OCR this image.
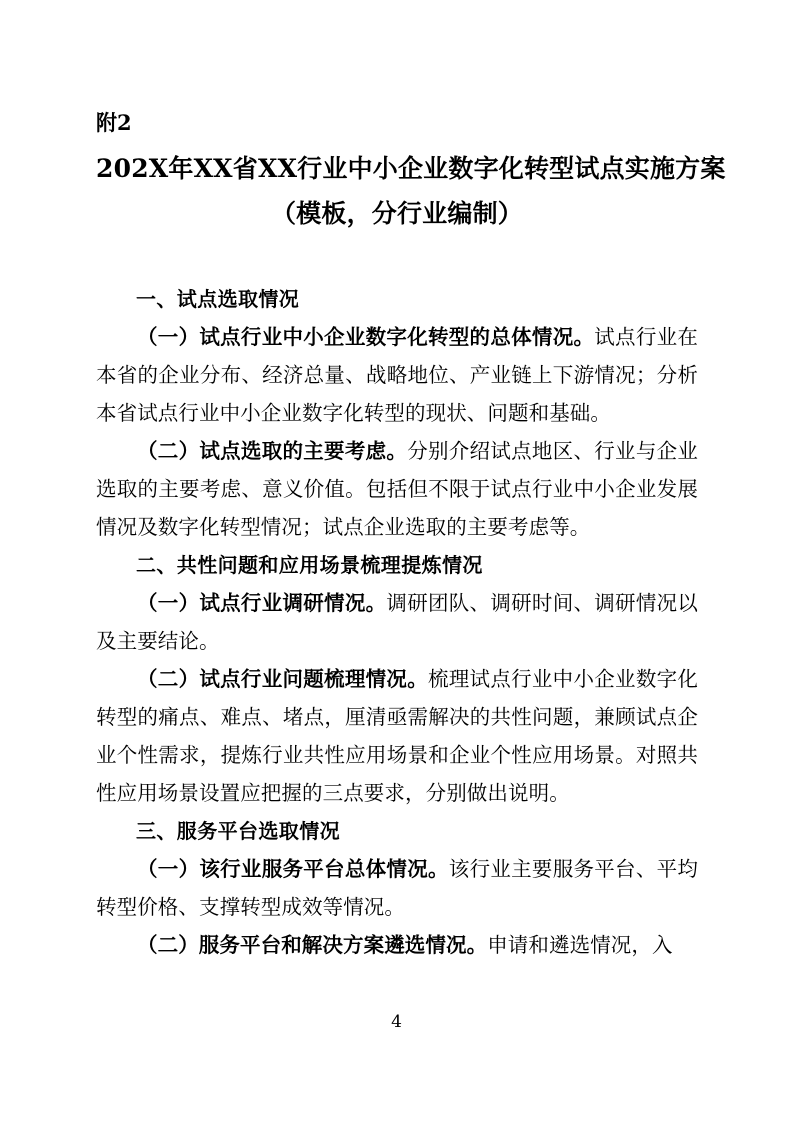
附2

202X年XX省XX行业中小企业数字化转型试点实施方案
（模板，分行业编制）
一、试点选取情况

（一）试点行业中小企业数字化转型的总体情况。试点行业在本省的企业分布、经济总量、战略地位、产业链上下游情况；分析本省试点行业中小企业数字化转型的现状、问题和基础。

（二）试点选取的主要考虑。分别介绍试点地区、行业与企业选取的主要考虑、意义价值。包括但不限于试点行业中小企业发展情况及数字化转型情况；试点企业选取的主要考虑等。

二、共性问题和应用场景梳理提炼情况

（一）试点行业调研情况。调研团队、调研时间、调研情况以及主要结论。

（二）试点行业问题梳理情况。梳理试点行业中小企业数字化转型的痛点、难点、堵点，厘清亟需解决的共性问题，兼顾试点企业个性需求，提炼行业共性应用场景和企业个性应用场景。对照共性应用场景设置应把握的三点要求，分别做出说明。

三、服务平台选取情况

（一）该行业服务平台总体情况。该行业主要服务平台、平均转型价格、支撑转型成效等情况。

（二）服务平台和解决方案遴选情况。申请和遴选情况，入

4
